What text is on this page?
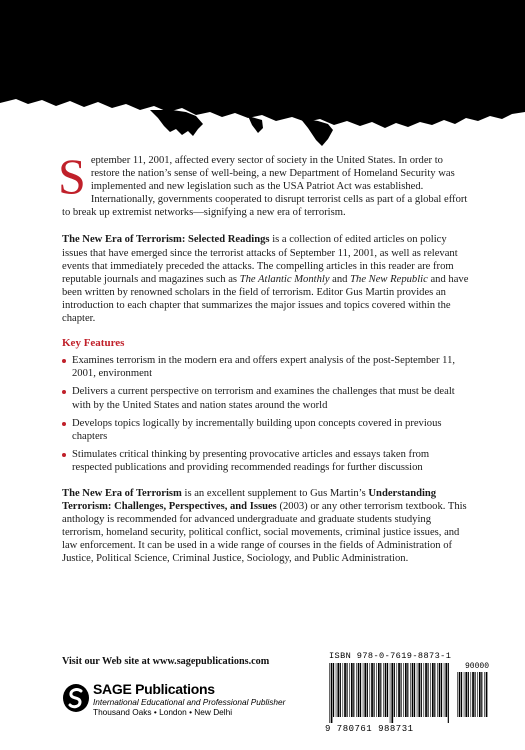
September 11, 2001, affected every sector of society in the United States. In order to restore the nation’s sense of well-being, a new Department of Homeland Security was implemented and new legislation such as the USA Patriot Act was established. Internationally, governments cooperated to disrupt terrorist cells as part of a global effort to break up extremist networks—signifying a new era of terrorism.

The New Era of Terrorism: Selected Readings is a collection of edited articles on policy issues that have emerged since the terrorist attacks of September 11, 2001, as well as relevant events that immediately preceded the attacks. The compelling articles in this reader are from reputable journals and magazines such as The Atlantic Monthly and The New Republic and have been written by renowned scholars in the field of terrorism. Editor Gus Martin provides an introduction to each chapter that summarizes the major issues and topics covered within the chapter.

Key Features
Examines terrorism in the modern era and offers expert analysis of the post-September 11, 2001, environment
Delivers a current perspective on terrorism and examines the challenges that must be dealt with by the United States and nation states around the world
Develops topics logically by incrementally building upon concepts covered in previous chapters
Stimulates critical thinking by presenting provocative articles and essays taken from respected publications and providing recommended readings for further discussion

The New Era of Terrorism is an excellent supplement to Gus Martin’s Understanding Terrorism: Challenges, Perspectives, and Issues (2003) or any other terrorism textbook. This anthology is recommended for advanced undergraduate and graduate students studying terrorism, homeland security, political conflict, social movements, criminal justice issues, and law enforcement. It can be used in a wide range of courses in the fields of Administration of Justice, Political Science, Criminal Justice, Sociology, and Public Administration.

Visit our Web site at www.sagepublications.com
SAGE Publications
International Educational and Professional Publisher
Thousand Oaks • London • New Delhi
ISBN 978-0-7619-8873-1
90000
9 780761 988731
